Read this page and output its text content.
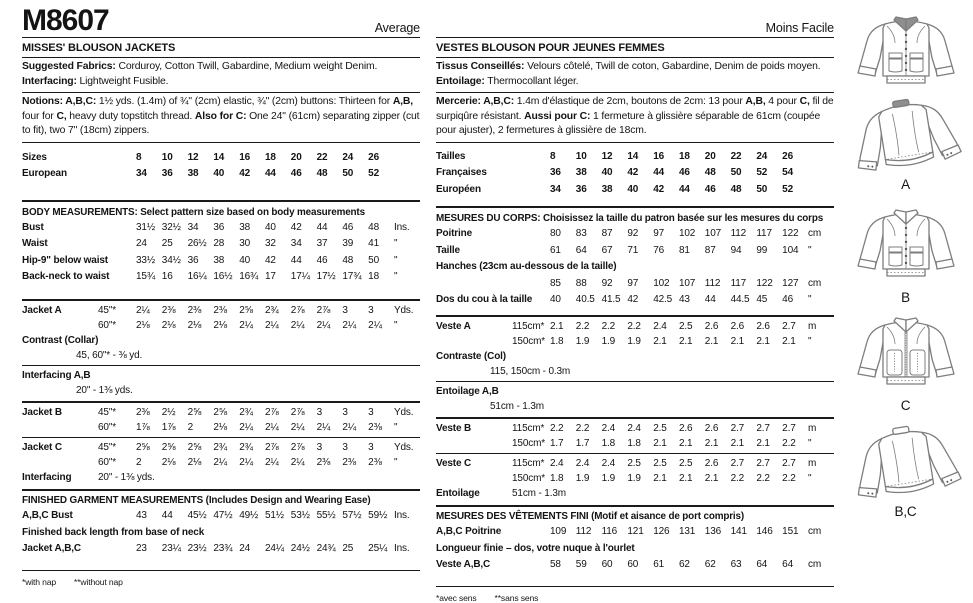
M8607	Average
MISSES' BLOUSON JACKETS

Suggested Fabrics: Corduroy, Cotton Twill, Gabardine, Medium weight Denim. Interfacing: Lightweight Fusible.

Notions: A,B,C: 1½ yds. (1.4m) of ¾" (2cm) elastic, ¾" (2cm) buttons: Thirteen for A,B, four for C, heavy duty topstitch thread. Also for C: One 24" (61cm) separating zipper (cut to fit), two 7" (18cm) zippers.

Sizes	8	10	12	14	16	18	20	22	24	26
European	34	36	38	40	42	44	46	48	50	52
BODY MEASUREMENTS: Select pattern size based on body measurements
Bust	31½ 32½ 34	36	38	40	42	44	46	48	Ins.
Waist	24	25	26½ 28	30	32	34	37	39	41	"
Hip-9" below waist	33½ 34½ 36	38	40	42	44	46	48	50	"
Back-neck to waist	15¾ 16	16¼ 16½ 16¾ 17	17¼ 17½ 17¾ 18	"
Jacket A	45"*	2¼	2⅜	2⅜	2⅜	2⅝	2¾	2⅞	2⅞	3	3	Yds.
60"*	2⅛	2⅛	2⅛	2⅛	2¼	2¼	2¼	2¼	2¼	2¼	"
Contrast (Collar)
45, 60"* - ⅜ yd.
Interfacing A,B
20" - 1⅜ yds.
Jacket B	45"*	2⅜	2½	2⅝	2⅝	2¾	2⅞	2⅞	3	3	3	Yds.
60"*	1⅞	1⅞	2	2⅛	2¼	2¼	2¼	2¼	2¼	2⅜	"
Jacket C	45"*	2⅝	2⅝	2⅝	2¾	2¾	2⅞	2⅞	3	3	3	Yds.
60"*	2	2⅛	2⅛	2¼	2¼	2¼	2¼	2⅜	2⅜	2⅜	"
Interfacing	20" - 1⅜ yds.
FINISHED GARMENT MEASUREMENTS (Includes Design and Wearing Ease)
A,B,C Bust	43	44	45½ 47½ 49½ 51½ 53½ 55½ 57½ 59½ Ins.
Finished back length from base of neck
Jacket A,B,C	23	23¼ 23½ 23¾ 24	24¼ 24½ 24¾ 25	25¼ Ins.
*with nap **without nap
Moins Facile
VESTES BLOUSON POUR JEUNES FEMMES

Tissus Conseillés: Velours côtelé, Twill de coton, Gabardine, Denim de poids moyen. Entoilage: Thermocollant léger.

Mercerie: A,B,C: 1.4m d'élastique de 2cm, boutons de 2cm: 13 pour A,B, 4 pour C, fil de surpiqûre résistant. Aussi pour C: 1 fermeture à glissière séparable de 61cm (coupée pour ajuster), 2 fermetures à glissière de 18cm.

Tailles	8	10	12	14	16	18	20	22	24	26
Françaises	36	38	40	42	44	46	48	50	52	54
Européen	34	36	38	40	42	44	46	48	50	52
MESURES DU CORPS: Choisissez la taille du patron basée sur les mesures du corps
Poitrine	80	83	87	92	97	102 107 112	117	122 cm
Taille	61	64	67	71	76	81	87	94	99	104 "
Hanches (23cm au-dessous de la taille)
85	88	92	97	102 107 112	117	122 127 cm
Dos du cou à la taille 40	40.5 41.5 42	42.5 43	44	44.5 45	46	"
Veste A	115cm* 2.1	2.2	2.2	2.2	2.4	2.5	2.6	2.6	2.6	2.7	m
150cm* 1.8	1.9	1.9	1.9	2.1	2.1	2.1	2.1	2.1	2.1	"
Contraste (Col)
115, 150cm - 0.3m
Entoilage A,B
51cm - 1.3m
Veste B	115cm* 2.2	2.2	2.4	2.4	2.5	2.6	2.6	2.7	2.7	2.7	m
150cm* 1.7	1.7	1.8	1.8	2.1	2.1	2.1	2.1	2.1	2.2	"
Veste C	115cm* 2.4	2.4	2.4	2.5	2.5	2.5	2.6	2.7	2.7	2.7	m
150cm* 1.8	1.9	1.9	1.9	2.1	2.1	2.1	2.2	2.2	2.2	"
Entoilage	51cm - 1.3m
MESURES DES VÊTEMENTS FINI (Motif et aisance de port compris)
A,B,C Poitrine	109 112	116	121 126 131 136 141 146 151 cm
Longueur finie – dos, votre nuque à l'ourlet
Veste A,B,C	58	59	60	60	61	62	62	63	64	64	cm
*avec sens **sans sens
A
B
C
B,C
